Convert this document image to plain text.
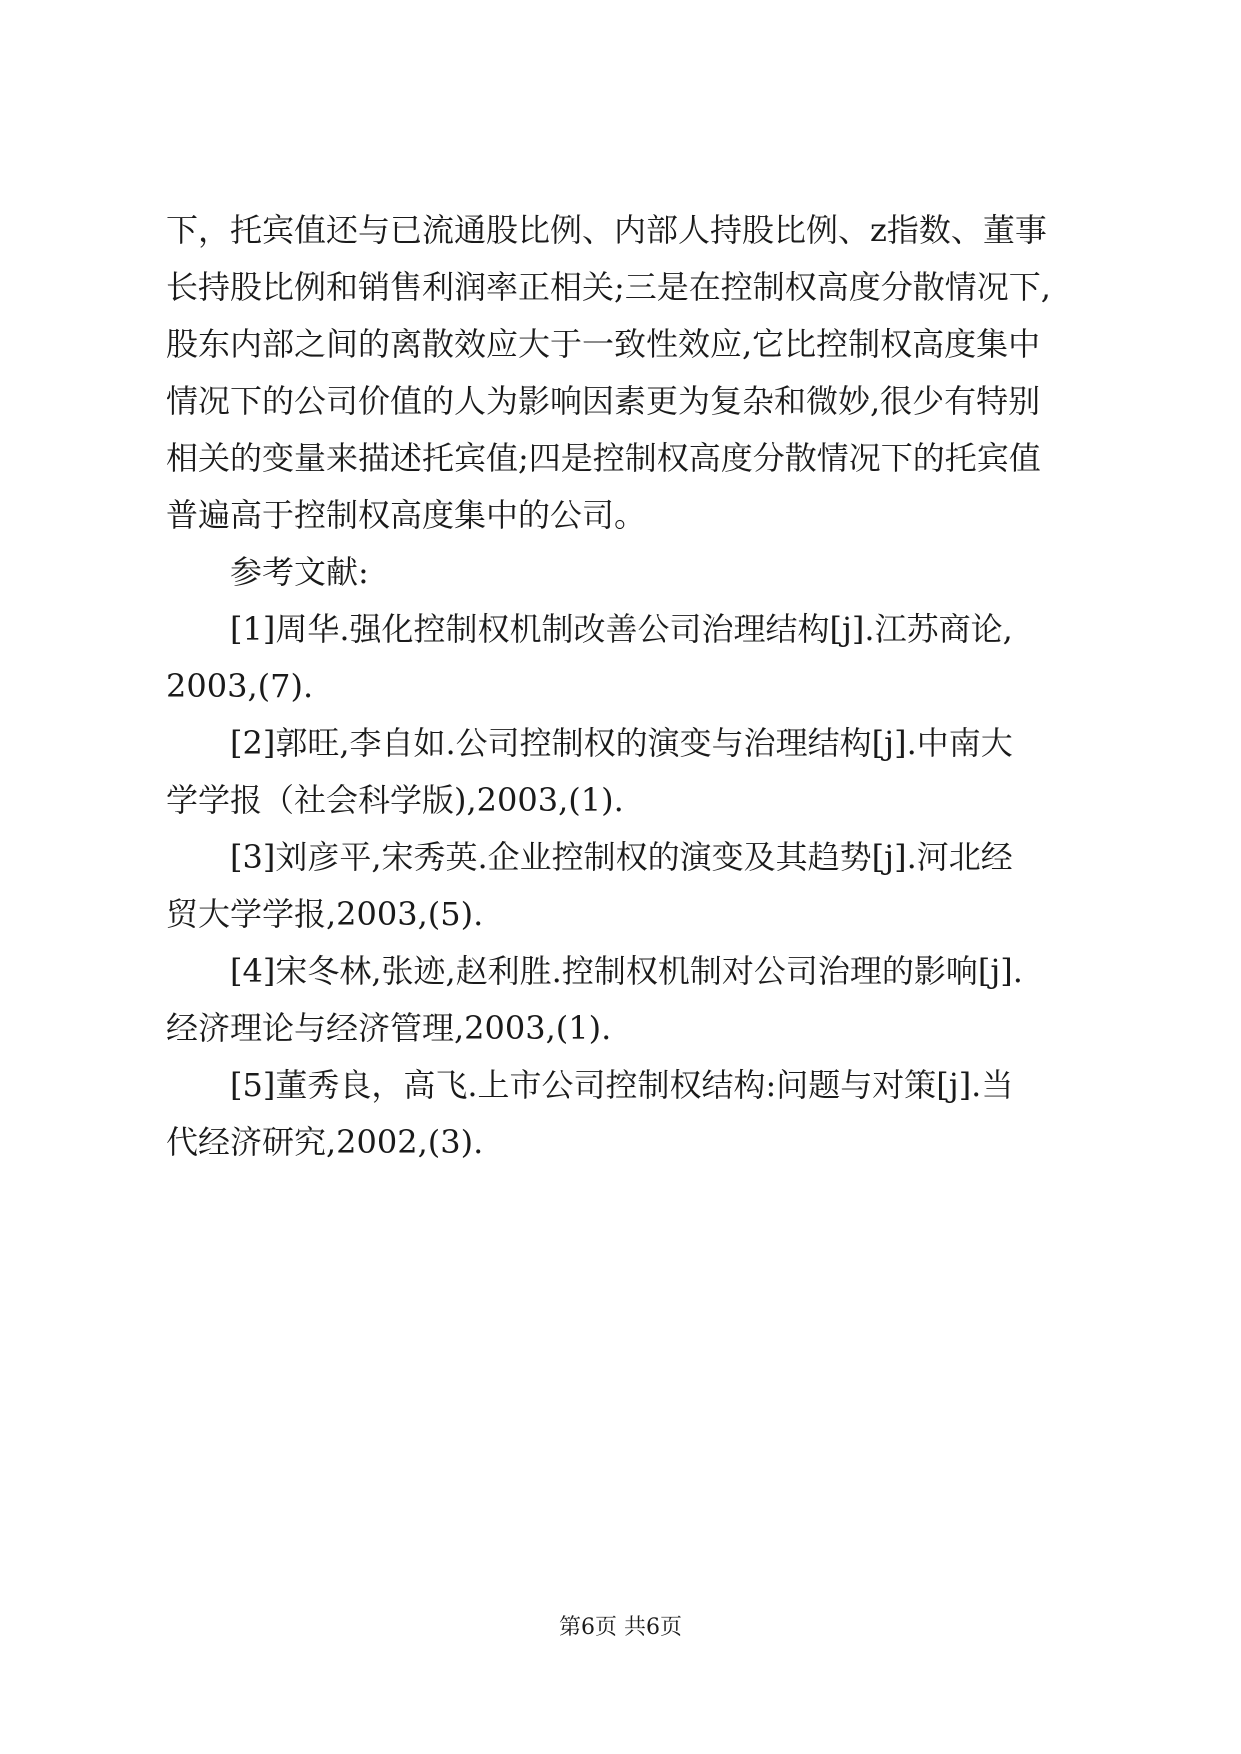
下，托宾值还与已流通股比例、内部人持股比例、z指数、董事
长持股比例和销售利润率正相关;三是在控制权高度分散情况下,
股东内部之间的离散效应大于一致性效应,它比控制权高度集中
情况下的公司价值的人为影响因素更为复杂和微妙,很少有特别
相关的变量来描述托宾值;四是控制权高度分散情况下的托宾值
普遍高于控制权高度集中的公司。
参考文献:
[1]周华.强化控制权机制改善公司治理结构[j].江苏商论,
2003,(7).
[2]郭旺,李自如.公司控制权的演变与治理结构[j].中南大
学学报（社会科学版),2003,(1).
[3]刘彦平,宋秀英.企业控制权的演变及其趋势[j].河北经
贸大学学报,2003,(5).
[4]宋冬林,张迹,赵利胜.控制权机制对公司治理的影响[j].
经济理论与经济管理,2003,(1).
[5]董秀良，高飞.上市公司控制权结构:问题与对策[j].当
代经济研究,2002,(3).
第6页 共6页
